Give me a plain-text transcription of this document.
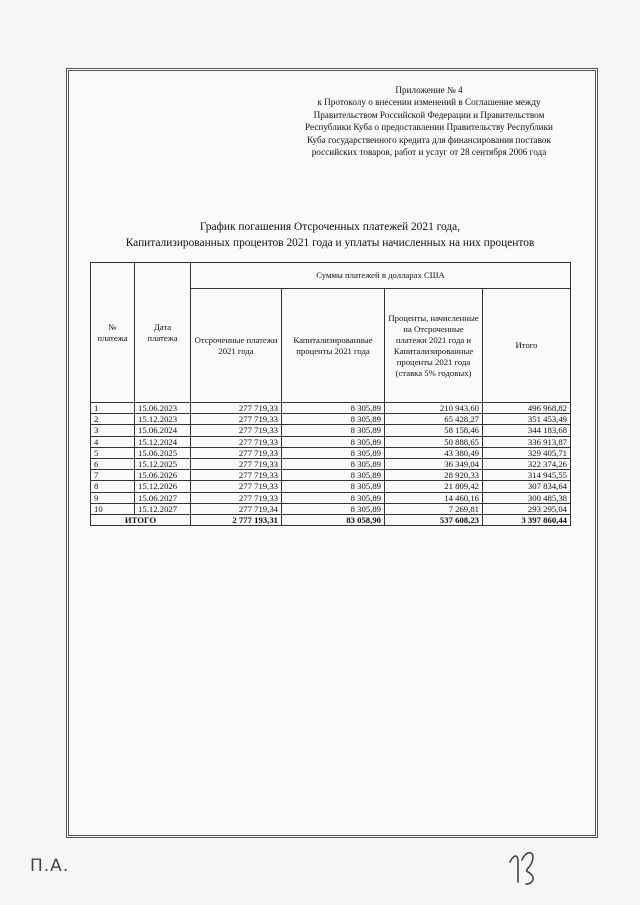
Приложение № 4
к Протоколу о внесении изменений в Соглашение между
Правительством Российской Федерации и Правительством
Республики Куба о предоставлении Правительству Республики
Куба государственного кредита для финансирования поставок
российских товаров, работ и услуг от 28 сентября 2006 года
График погашения Отсроченных платежей 2021 года,
Капитализированных процентов 2021 года и уплаты начисленных на них процентов
№ платежа	Дата платежа	Суммы платежей в долларах США			
		Отсроченные платежи 2021 года	Капитализированные проценты 2021 года	Проценты, начисленные на Отсроченные платежи 2021 года и Капитализированные проценты 2021 года (ставка 5% годовых)	Итого
1	15.06.2023	277 719,33	8 305,89	210 943,60	496 968,82
2	15.12.2023	277 719,33	8 305,89	65 428,27	351 453,49
3	15.06.2024	277 719,33	8 305,89	58 158,46	344 183,68
4	15.12.2024	277 719,33	8 305,89	50 888,65	336 913,87
5	15.06.2025	277 719,33	8 305,89	43 380,49	329 405,71
6	15.12.2025	277 719,33	8 305,89	36 349,04	322 374,26
7	15.06.2026	277 719,33	8 305,89	28 920,33	314 945,55
8	15.12.2026	277 719,33	8 305,89	21 809,42	307 834,64
9	15.06.2027	277 719,33	8 305,89	14 460,16	300 485,38
10	15.12.2027	277 719,34	8 305,89	7 269,81	293 295,04
ИТОГО		2 777 193,31	83 058,90	537 608,23	3 397 860,44
П.А.
